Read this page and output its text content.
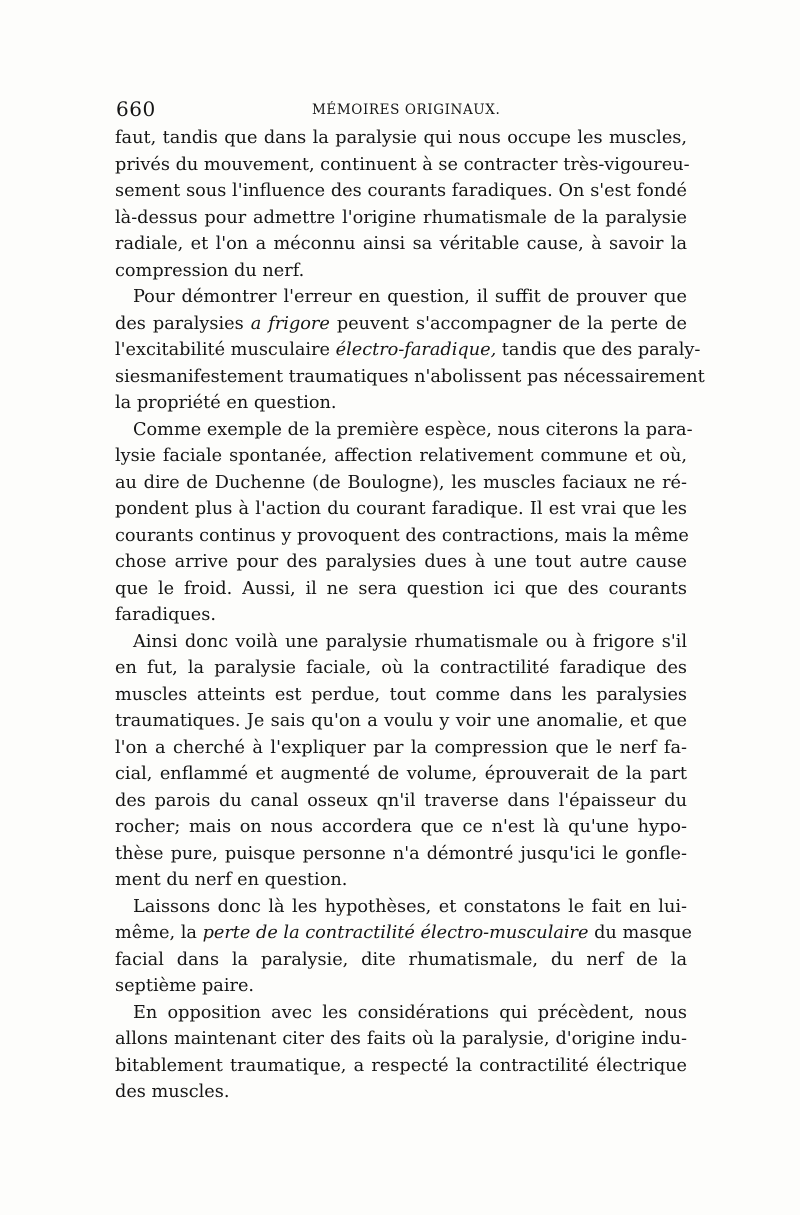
660	MÉMOIRES ORIGINAUX.

faut, tandis que dans la paralysie qui nous occupe les muscles,

privés du mouvement, continuent à se contracter très-vigoureu-

sement sous l'influence des courants faradiques. On s'est fondé

là-dessus pour admettre l'origine rhumatismale de la paralysie

radiale, et l'on a méconnu ainsi sa véritable cause, à savoir la

compression du nerf.

Pour démontrer l'erreur en question, il suffit de prouver que

des paralysies a frigore peuvent s'accompagner de la perte de

l'excitabilité musculaire électro-faradique, tandis que des paraly-

siesmanifestement traumatiques n'abolissent pas nécessairement

la propriété en question.

Comme exemple de la première espèce, nous citerons la para-

lysie faciale spontanée, affection relativement commune et où,

au dire de Duchenne (de Boulogne), les muscles faciaux ne ré-

pondent plus à l'action du courant faradique. Il est vrai que les

courants continus y provoquent des contractions, mais la même

chose arrive pour des paralysies dues à une tout autre cause

que le froid. Aussi, il ne sera question ici que des courants

faradiques.

Ainsi donc voilà une paralysie rhumatismale ou à frigore s'il

en fut, la paralysie faciale, où la contractilité faradique des

muscles atteints est perdue, tout comme dans les paralysies

traumatiques. Je sais qu'on a voulu y voir une anomalie, et que

l'on a cherché à l'expliquer par la compression que le nerf fa-

cial, enflammé et augmenté de volume, éprouverait de la part

des parois du canal osseux qn'il traverse dans l'épaisseur du

rocher; mais on nous accordera que ce n'est là qu'une hypo-

thèse pure, puisque personne n'a démontré jusqu'ici le gonfle-

ment du nerf en question.

Laissons donc là les hypothèses, et constatons le fait en lui-

même, la perte de la contractilité électro-musculaire du masque

facial dans la paralysie, dite rhumatismale, du nerf de la

septième paire.

En opposition avec les considérations qui précèdent, nous

allons maintenant citer des faits où la paralysie, d'origine indu-

bitablement traumatique, a respecté la contractilité électrique

des muscles.
